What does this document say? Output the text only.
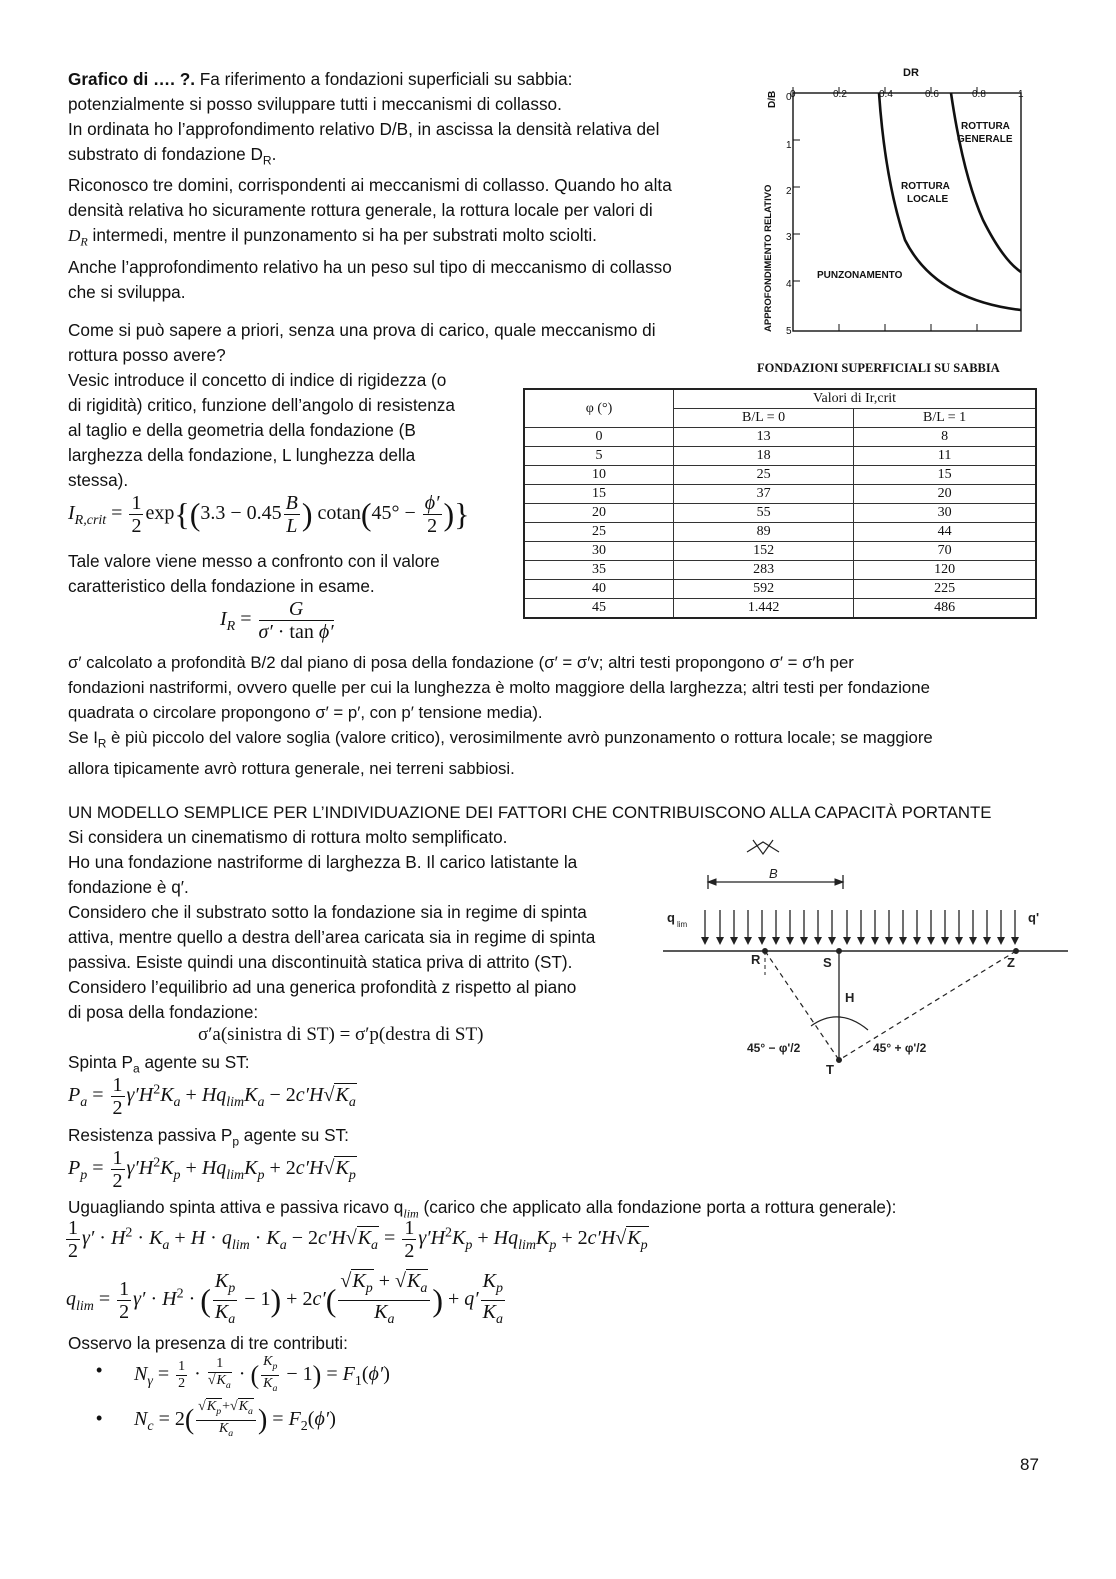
Grafico di …. ?. Fa riferimento a fondazioni superficiali su sabbia:
potenzialmente si posso sviluppare tutti i meccanismi di collasso.
In ordinata ho l’approfondimento relativo D/B, in ascissa la densità relativa del
substrato di fondazione $D_R$.
Riconosco tre domini, corrispondenti ai meccanismi di collasso. Quando ho alta
densità relativa ho sicuramente rottura generale, la rottura locale per valori di
$D_R$ intermedi, mentre il punzonamento si ha per substrati molto sciolti.
Anche l’approfondimento relativo ha un peso sul tipo di meccanismo di collasso
che si sviluppa.
DR
0	0.2	0.4	0.6	0.8	1
D/B
APPROFONDIMENTO RELATIVO
0
1
2
3
4
5
ROTTURA
GENERALE
ROTTURA
LOCALE
PUNZONAMENTO
FONDAZIONI SUPERFICIALI SU SABBIA
Come si può sapere a priori, senza una prova di carico, quale meccanismo di
rottura posso avere?
Vesic introduce il concetto di indice di rigidezza (o
di rigidità) critico, funzione dell’angolo di resistenza
al taglio e della geometria della fondazione (B
larghezza della fondazione, L lunghezza della
stessa).
$I_{R,crit} = \frac{1}{2} \exp\{(3.3 - 0.45 \frac{B}{L}$ ) $cotan(45^\circ - \frac{\phi'}{2}$ )}
Tale valore viene messo a confronto con il valore
caratteristico della fondazione in esame.
$I_R = \frac{G}{\text{σ′ · tan ϕ′}}$
φ (°)	Valori di Ir,crit	
	B/L = 0	B/L = 1
0	13	8
5	18	11
10	25	15
15	37	20
20	55	30
25	89	44
30	152	70
35	283	120
40	592	225
45	1.442	486
σ′ calcolato a profondità B/2 dal piano di posa della fondazione (σ′ = σ′v; altri testi propongono σ′ = σ′h per
fondazioni nastriformi, ovvero quelle per cui la lunghezza è molto maggiore della larghezza; altri testi per fondazione
quadrata o circolare propongono σ′ = p′, con p′ tensione media).
Se $I_R$ è più piccolo del valore soglia (valore critico), verosimilmente avrò punzonamento o rottura locale; se maggiore
allora tipicamente avrò rottura generale, nei terreni sabbiosi.
UN MODELLO SEMPLICE PER L’INDIVIDUAZIONE DEI FATTORI CHE CONTRIBUISCONO ALLA CAPACITÀ PORTANTE
Si considera un cinematismo di rottura molto semplificato.
Ho una fondazione nastriforme di larghezza B. Il carico latistante la
fondazione è q′.
Considero che il substrato sotto la fondazione sia in regime di spinta
attiva, mentre quello a destra dell’area caricata sia in regime di spinta
passiva. Esiste quindi una discontinuità statica priva di attrito (ST).
Considero l’equilibrio ad una generica profondità z rispetto al piano
di posa della fondazione:
σ′a(sinistra di ST) = σ′p(destra di ST)
Spinta $P_a$ agente su ST:
$P_a = \frac{1}{2} \gamma'H^2K_a + Hq_{lim}K_a - 2c'H√K_a$
Resistenza passiva $P_p$ agente su ST:
$P_p = \frac{1}{2} \gamma'H^2K_p + Hq_{lim}K_p + 2c'H√K_p$
Uguagliando spinta attiva e passiva ricavo $q_{lim}$ (carico che applicato alla fondazione porta a rottura generale):
$\frac{1}{2} \gamma' \cdot H^2 \cdot K_a + H \cdot q_{lim} \cdot K_a - 2c'H√K_a = \frac{1}{2} \gamma'H^2K_p + Hq_{lim}K_p + 2c'H√K_p$
$q_{lim} = \frac{1}{2} \gamma' \cdot H^2$ · ( $\frac{K_p}{K_a} - 1) + 2c'( \frac{√K_p + √K_a}{K_a}$ ) + $q' \frac{K_p}{K_a}$
Osservo la presenza di tre contributi:
• $N_\gamma = \frac{1}{2} \cdot \frac{1}{√K_a}$ · ( $\frac{K_p}{K_a} - 1) = F_1(\phi')$
• $N_c = 2( \frac{√K_p+√K_a}{K_a}$ ) = $F_2(\phi')$
B
q lim	q'
R	S	Z
H
T
45° − φ'/2	45° + φ'/2
87
